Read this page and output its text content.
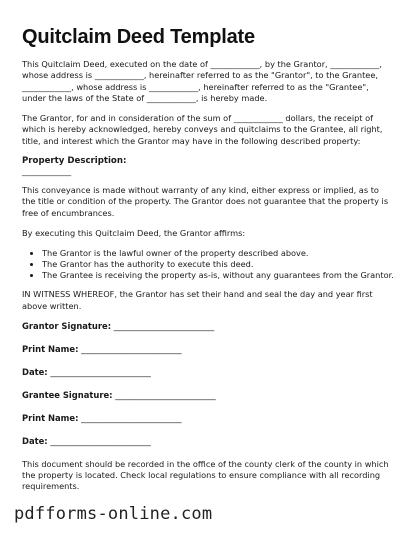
Quitclaim Deed Template

This Quitclaim Deed, executed on the date of ____________, by the Grantor, ____________, whose address is ____________, hereinafter referred to as the "Grantor", to the Grantee, ____________, whose address is ____________, hereinafter referred to as the "Grantee", under the laws of the State of ____________, is hereby made.

The Grantor, for and in consideration of the sum of ____________ dollars, the receipt of which is hereby acknowledged, hereby conveys and quitclaims to the Grantee, all right, title, and interest which the Grantor may have in the following described property:

Property Description:
____________

This conveyance is made without warranty of any kind, either express or implied, as to the title or condition of the property. The Grantor does not guarantee that the property is free of encumbrances.

By executing this Quitclaim Deed, the Grantor affirms:

• The Grantor is the lawful owner of the property described above.
• The Grantor has the authority to execute this deed.
• The Grantee is receiving the property as-is, without any guarantees from the Grantor.

IN WITNESS WHEREOF, the Grantor has set their hand and seal the day and year first above written.

Grantor Signature: ________________________
Print Name: ________________________
Date: ________________________
Grantee Signature: ________________________
Print Name: ________________________
Date: ________________________

This document should be recorded in the office of the county clerk of the county in which the property is located. Check local regulations to ensure compliance with all recording requirements.

pdfforms-online.com
